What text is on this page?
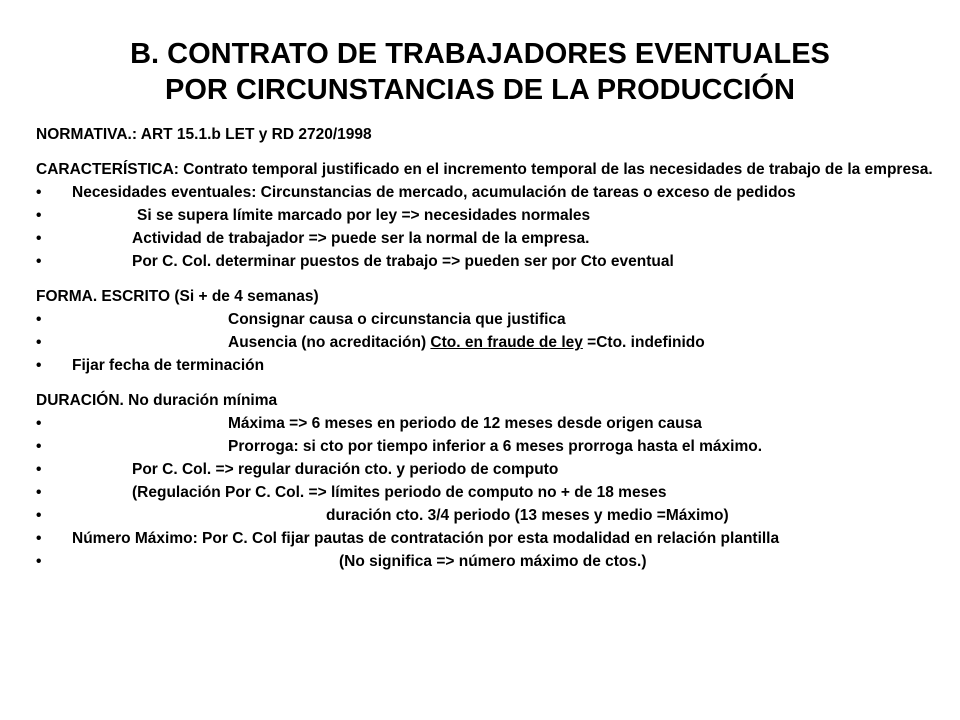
B. CONTRATO DE TRABAJADORES EVENTUALES
POR CIRCUNSTANCIAS DE LA PRODUCCIÓN
NORMATIVA.: ART 15.1.b LET y RD 2720/1998
CARACTERÍSTICA: Contrato temporal justificado en el incremento temporal de las necesidades de trabajo de la empresa.
•	Necesidades eventuales: Circunstancias de mercado, acumulación de tareas o exceso de pedidos
•	Si se supera límite marcado por ley => necesidades normales
•	Actividad de trabajador => puede ser la normal de la empresa.
•	Por C. Col. determinar puestos de trabajo => pueden ser por Cto eventual
FORMA. ESCRITO (Si + de 4 semanas)
•	Consignar causa o circunstancia que justifica
•	Ausencia (no acreditación) Cto. en fraude de ley =Cto. indefinido
•	Fijar fecha de terminación
DURACIÓN. No duración mínima
•	Máxima => 6 meses en periodo de 12 meses desde origen causa
•	Prorroga: si cto por tiempo inferior a 6 meses prorroga hasta el máximo.
•	Por C. Col. => regular duración cto. y periodo de computo
•	(Regulación Por C. Col. => límites periodo de computo no + de 18 meses
•	duración cto. 3/4 periodo (13 meses y medio =Máximo)
•	Número Máximo: Por C. Col fijar pautas de contratación por esta modalidad en relación plantilla
•	(No significa => número máximo de ctos.)
